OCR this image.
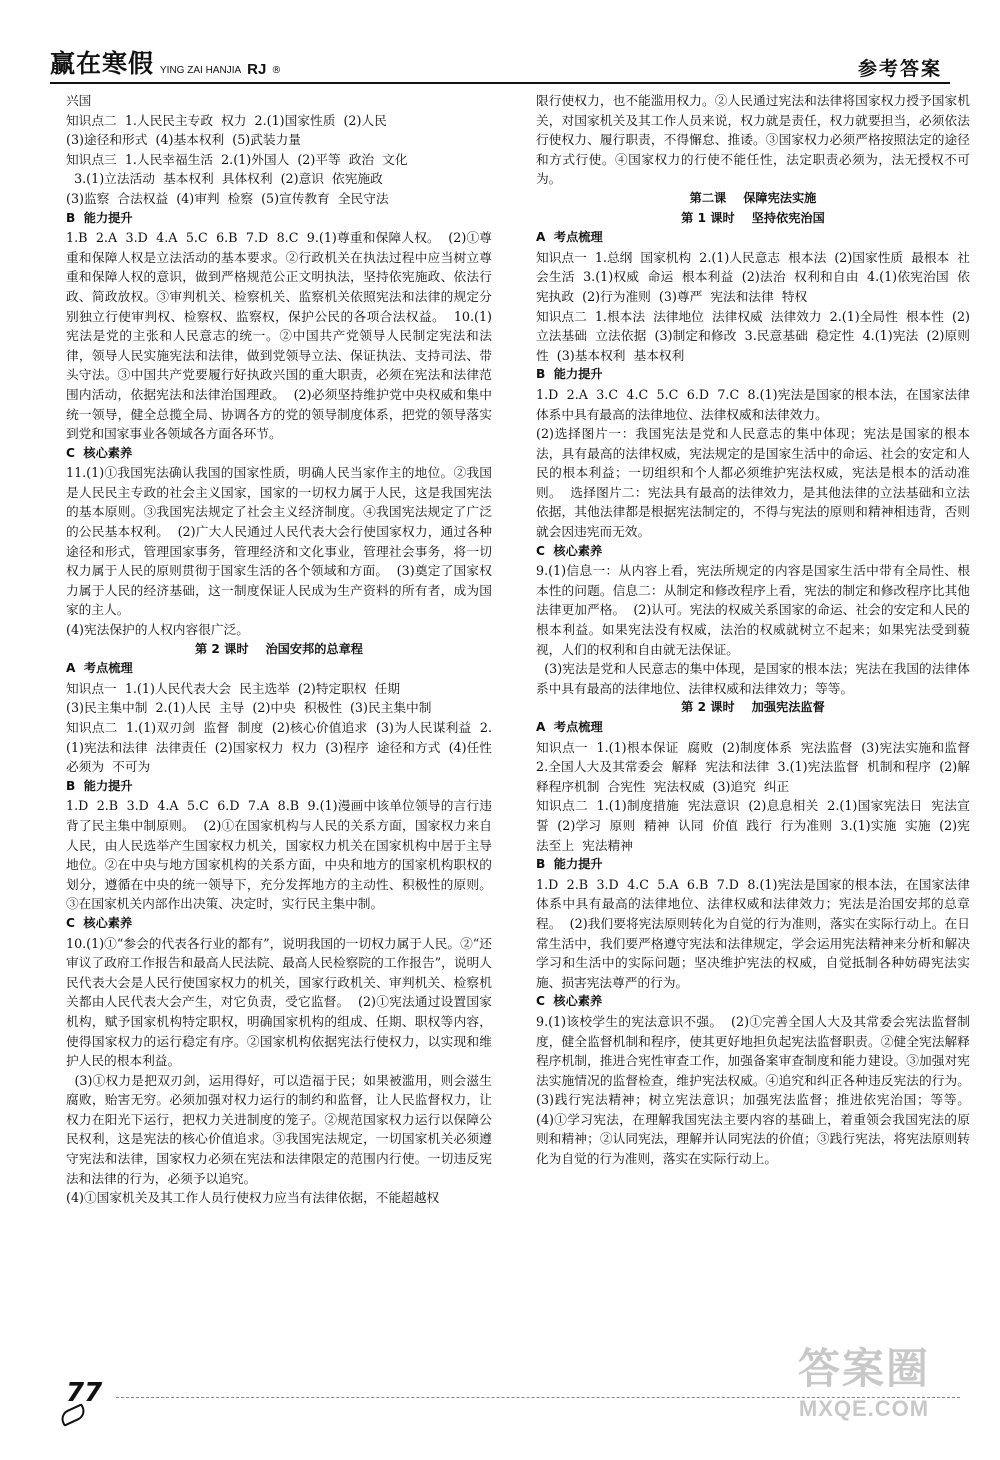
赢在寒假 YING ZAI HANJIA RJ ®	参考答案

兴国

知识点二  1.人民民主专政  权力  2.(1)国家性质  (2)人民
(3)途径和形式  (4)基本权利  (5)武装力量

知识点三  1.人民幸福生活  2.(1)外国人  (2)平等  政治  文化
3.(1)立法活动  基本权利  具体权利  (2)意识  依宪施政
(3)监察  合法权益  (4)审判  检察  (5)宣传教育  全民守法

B  能力提升

1.B  2.A  3.D  4.A  5.C  6.B  7.D  8.C  9.(1)尊重和保障人权。  (2)①尊重和保障人权是立法活动的基本要求。②行政机关在执法过程中应当树立尊重和保障人权的意识，做到严格规范公正文明执法，坚持依宪施政、依法行政、简政放权。③审判机关、检察机关、监察机关依照宪法和法律的规定分别独立行使审判权、检察权、监察权，保护公民的各项合法权益。  10.(1)宪法是党的主张和人民意志的统一。②中国共产党领导人民制定宪法和法律，领导人民实施宪法和法律，做到党领导立法、保证执法、支持司法、带头守法。③中国共产党要履行好执政兴国的重大职责，必须在宪法和法律范围内活动，依据宪法和法律治国理政。  (2)必须坚持维护党中央权威和集中统一领导，健全总揽全局、协调各方的党的领导制度体系，把党的领导落实到党和国家事业各领域各方面各环节。

C  核心素养

11.(1)①我国宪法确认我国的国家性质，明确人民当家作主的地位。②我国是人民民主专政的社会主义国家，国家的一切权力属于人民，这是我国宪法的基本原则。③我国宪法规定了社会主义经济制度。④我国宪法规定了广泛的公民基本权利。  (2)广大人民通过人民代表大会行使国家权力，通过各种途径和形式，管理国家事务，管理经济和文化事业，管理社会事务，将一切权力属于人民的原则贯彻于国家生活的各个领域和方面。  (3)奠定了国家权力属于人民的经济基础，这一制度保证人民成为生产资料的所有者，成为国家的主人。
(4)宪法保护的人权内容很广泛。

第 2 课时    治国安邦的总章程

A  考点梳理

知识点一  1.(1)人民代表大会  民主选举  (2)特定职权  任期
(3)民主集中制  2.(1)人民  主导  (2)中央  积极性  (3)民主集中制

知识点二  1.(1)双刃剑  监督  制度  (2)核心价值追求  (3)为人民谋利益  2.(1)宪法和法律  法律责任  (2)国家权力  权力  (3)程序  途径和方式  (4)任性  必须为  不可为

B  能力提升

1.D  2.B  3.D  4.A  5.C  6.D  7.A  8.B  9.(1)漫画中该单位领导的言行违背了民主集中制原则。  (2)①在国家机构与人民的关系方面，国家权力来自人民，由人民选举产生国家权力机关，国家权力机关在国家机构中居于主导地位。②在中央与地方国家机构的关系方面，中央和地方的国家机构职权的划分，遵循在中央的统一领导下，充分发挥地方的主动性、积极性的原则。③在国家机关内部作出决策、决定时，实行民主集中制。

C  核心素养

10.(1)①“参会的代表各行业的都有”，说明我国的一切权力属于人民。②“还审议了政府工作报告和最高人民法院、最高人民检察院的工作报告”，说明人民代表大会是人民行使国家权力的机关，国家行政机关、审判机关、检察机关都由人民代表大会产生，对它负责，受它监督。  (2)①宪法通过设置国家机构，赋予国家机构特定职权，明确国家机构的组成、任期、职权等内容，使得国家权力的运行稳定有序。②国家机构依据宪法行使权力，以实现和维护人民的根本利益。
(3)①权力是把双刃剑，运用得好，可以造福于民；如果被滥用，则会滋生腐败，贻害无穷。必须加强对权力运行的制约和监督，让人民监督权力，让权力在阳光下运行，把权力关进制度的笼子。②规范国家权力运行以保障公民权利，这是宪法的核心价值追求。③我国宪法规定，一切国家机关必须遵守宪法和法律，国家权力必须在宪法和法律限定的范围内行使。一切违反宪法和法律的行为，必须予以追究。
(4)①国家机关及其工作人员行使权力应当有法律依据，不能超越权

限行使权力，也不能滥用权力。②人民通过宪法和法律将国家权力授予国家机关，对国家机关及其工作人员来说，权力就是责任，权力就要担当，必须依法行使权力、履行职责，不得懈怠、推诿。③国家权力必须严格按照法定的途径和方式行使。④国家权力的行使不能任性，法定职责必须为，法无授权不可为。

第二课    保障宪法实施

第 1 课时    坚持依宪治国

A  考点梳理

知识点一  1.总纲  国家机构  2.(1)人民意志  根本法  (2)国家性质  最根本  社会生活  3.(1)权威  命运  根本利益  (2)法治  权利和自由  4.(1)依宪治国  依宪执政  (2)行为准则  (3)尊严  宪法和法律  特权

知识点二  1.根本法  法律地位  法律权威  法律效力  2.(1)全局性  根本性  (2)立法基础  立法依据  (3)制定和修改  3.民意基础  稳定性  4.(1)宪法  (2)原则性  (3)基本权利  基本权利

B  能力提升

1.D  2.A  3.C  4.C  5.C  6.D  7.C  8.(1)宪法是国家的根本法，在国家法律体系中具有最高的法律地位、法律权威和法律效力。
(2)选择图片一：我国宪法是党和人民意志的集中体现；宪法是国家的根本法，具有最高的法律权威，宪法规定的是国家生活中的命运、社会的安定和人民的根本利益；一切组织和个人都必须维护宪法权威，宪法是根本的活动准则。  选择图片二：宪法具有最高的法律效力，是其他法律的立法基础和立法依据，其他法律都是根据宪法制定的，不得与宪法的原则和精神相违背，否则就会因违宪而无效。

C  核心素养

9.(1)信息一：从内容上看，宪法所规定的内容是国家生活中带有全局性、根本性的问题。信息二：从制定和修改程序上看，宪法的制定和修改程序比其他法律更加严格。  (2)认可。宪法的权威关系国家的命运、社会的安定和人民的根本利益。如果宪法没有权威，法治的权威就树立不起来；如果宪法受到藐视，人们的权利和自由就无法保证。
(3)宪法是党和人民意志的集中体现，是国家的根本法；宪法在我国的法律体系中具有最高的法律地位、法律权威和法律效力；等等。

第 2 课时    加强宪法监督

A  考点梳理

知识点一  1.(1)根本保证  腐败  (2)制度体系  宪法监督  (3)宪法实施和监督  2.全国人大及其常委会  解释  宪法和法律  3.(1)宪法监督  机制和程序  (2)解释程序机制  合宪性  宪法权威  (3)追究  纠正

知识点二  1.(1)制度措施  宪法意识  (2)息息相关  2.(1)国家宪法日  宪法宣誓  (2)学习  原则  精神  认同  价值  践行  行为准则  3.(1)实施  实施  (2)宪法至上  宪法精神

B  能力提升

1.D  2.B  3.D  4.C  5.A  6.B  7.D  8.(1)宪法是国家的根本法，在国家法律体系中具有最高的法律地位、法律权威和法律效力；宪法是治国安邦的总章程。  (2)我们要将宪法原则转化为自觉的行为准则，落实在实际行动上。在日常生活中，我们要严格遵守宪法和法律规定，学会运用宪法精神来分析和解决学习和生活中的实际问题；坚决维护宪法的权威，自觉抵制各种妨碍宪法实施、损害宪法尊严的行为。

C  核心素养

9.(1)该校学生的宪法意识不强。  (2)①完善全国人大及其常委会宪法监督制度，健全监督机制和程序，使其更好地担负起宪法监督职责。②健全宪法解释程序机制，推进合宪性审查工作，加强备案审查制度和能力建设。③加强对宪法实施情况的监督检查，维护宪法权威。④追究和纠正各种违反宪法的行为。  (3)践行宪法精神；树立宪法意识；加强宪法监督；推进依宪治国；等等。  (4)①学习宪法，在理解我国宪法主要内容的基础上，着重领会我国宪法的原则和精神；②认同宪法，理解并认同宪法的价值；③践行宪法，将宪法原则转化为自觉的行为准则，落实在实际行动上。

77	答案圈
MXQE.COM
